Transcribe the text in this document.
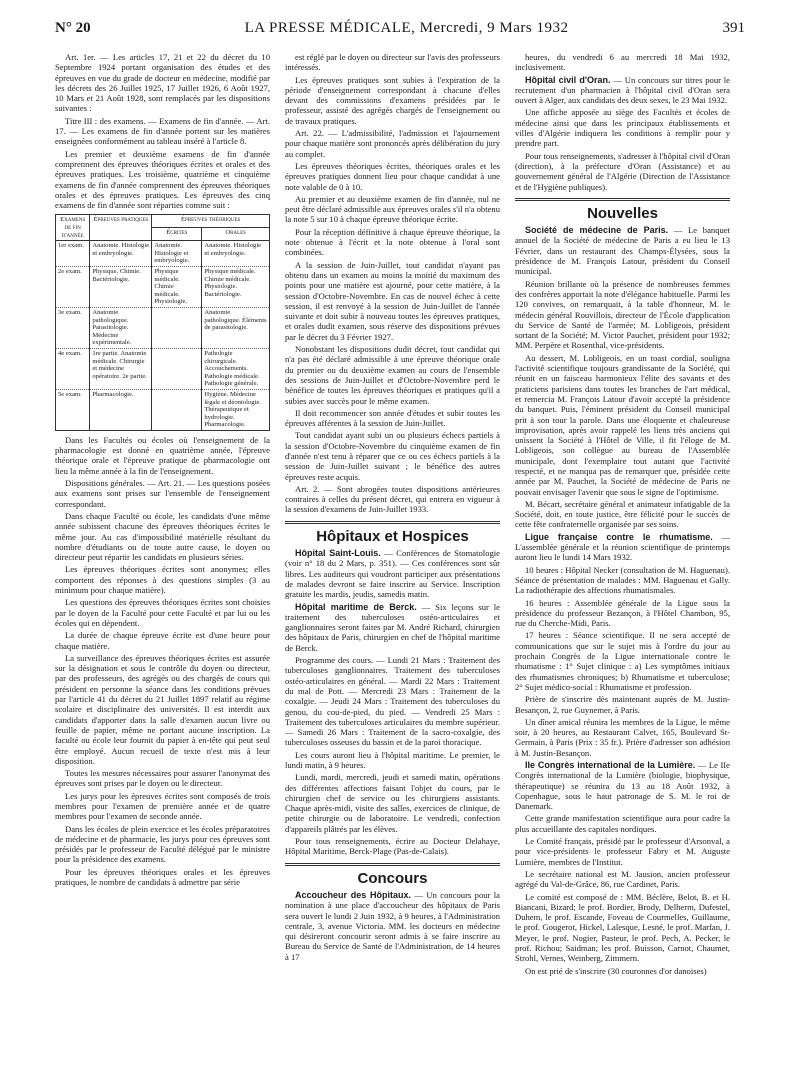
N° 20	LA PRESSE MÉDICALE, Mercredi, 9 Mars 1932	391

Art. 1er. — Les articles 17, 21 et 22 du décret du 10 Septembre 1924 portant organisation des études et des épreuves en vue du grade de docteur en médecine, modifié par les décrets des 26 Juillet 1925, 17 Juillet 1926, 6 Août 1927, 10 Mars et 21 Août 1928, sont remplacés par les dispositions suivantes :

Titre III : des examens. — Examens de fin d'année. — Art. 17. — Les examens de fin d'année portent sur les matières enseignées conformément au tableau inséré à l'article 8.

Les premier et deuxième examens de fin d'année comprennent des épreuves théoriques écrites et orales et des épreuves pratiques. Les troisième, quatrième et cinquième examens de fin d'année comprennent des épreuves théoriques orales et des épreuves pratiques. Les épreuves des cinq examens de fin d'année sont réparties comme suit :

Examens de fin d'année	Épreuves pratiques	Épreuves théoriques	
		Écrites	Orales
1er exam.	Anatomie. Histologie et embryologie.	Anatomie. Histologie et embryologie.	Anatomie. Histologie et embryologie.
2e exam.	Physique. Chimie. Bactériologie.	Physique médicale. Chimie médicale. Physiologie.	Physique médicale. Chimie médicale. Physiologie. Bactériologie.
3e exam.	Anatomie pathologique. Parasitologie. Médecine expérimentale.		Anatomie pathologique. Éléments de parasitologie.
4e exam.	1re partie. Anatomie médicale. Chirurgie et médecine opératoire. 2e partie.		Pathologie chirurgicale. Accouchements. Pathologie médicale. Pathologie générale.
5e exam.	Pharmacologie.		Hygiène. Médecine légale et déontologie. Thérapeutique et hydrologie. Pharmacologie.

Dans les Facultés ou écoles où l'enseignement de la pharmacologie est donné en quatrième année, l'épreuve théorique orale et l'épreuve pratique de pharmacologie ont lieu la même année à la fin de l'enseignement.

Dispositions générales. — Art. 21. — Les questions posées aux examens sont prises sur l'ensemble de l'enseignement correspondant.

Dans chaque Faculté ou école, les candidats d'une même année subissent chacune des épreuves théoriques écrites le même jour. Au cas d'impossibilité matérielle résultant du nombre d'étudiants ou de toute autre cause, le doyen ou directeur peut répartir les candidats en plusieurs séries.

Les épreuves théoriques écrites sont anonymes; elles comportent des réponses à des questions simples (3 au minimum pour chaque matière).

Les questions des épreuves théoriques écrites sont choisies par le doyen de la Faculté pour cette Faculté et par lui ou les écoles qui en dépendent.

La durée de chaque épreuve écrite est d'une heure pour chaque matière.

La surveillance des épreuves théoriques écrites est assurée sur la désignation et sous le contrôle du doyen ou directeur, par des professeurs, des agrégés ou des chargés de cours qui président en personne la séance dans les conditions prévues par l'article 41 du décret du 21 Juillet 1897 relatif au régime scolaire et disciplinaire des universités. Il est interdit aux candidats d'apporter dans la salle d'examen aucun livre ou feuille de papier, même ne portant aucune inscription. La faculté ou école leur fournit du papier à en-tête qui peut seul être employé. Aucun recueil de texte n'est mis à leur disposition.

Toutes les mesures nécessaires pour assurer l'anonymat des épreuves sont prises par le doyen ou le directeur.

Les jurys pour les épreuves écrites sont composés de trois membres pour l'examen de première année et de quatre membres pour l'examen de seconde année.

Dans les écoles de plein exercice et les écoles préparatoires de médecine et de pharmacie, les jurys pour ces épreuves sont présidés par le professeur de Faculté délégué par le ministre pour la présidence des examens.

Pour les épreuves théoriques orales et les épreuves pratiques, le nombre de candidats à admettre par série

est réglé par le doyen ou directeur sur l'avis des professeurs intéressés.

Les épreuves pratiques sont subies à l'expiration de la période d'enseignement correspondant à chacune d'elles devant des commissions d'examens présidées par le professeur, assisté des agrégés chargés de l'enseignement ou de travaux pratiques.

Art. 22. — L'admissibilité, l'admission et l'ajournement pour chaque matière sont prononcés après délibération du jury au complet.

Les épreuves théoriques écrites, théoriques orales et les épreuves pratiques donnent lieu pour chaque candidat à une note valable de 0 à 10.

Au premier et au deuxième examen de fin d'année, nul ne peut être déclaré admissible aux épreuves orales s'il n'a obtenu la note 5 sur 10 à chaque épreuve théorique écrite.

Pour la réception définitive à chaque épreuve théorique, la note obtenue à l'écrit et la note obtenue à l'oral sont combinées.

A la session de Juin-Juillet, tout candidat n'ayant pas obtenu dans un examen au moins la moitié du maximum des points pour une matière est ajourné, pour cette matière, à la session d'Octobre-Novembre. En cas de nouvel échec à cette session, il est renvoyé à la session de Juin-Juillet de l'année suivante et doit subir à nouveau toutes les épreuves pratiques, et orales dudit examen, sous réserve des dispositions prévues par le décret du 3 Février 1927.

Nonobstant les dispositions dudit décret, tout candidat qui n'a pas été déclaré admissible à une épreuve théorique orale du premier ou du deuxième examen au cours de l'ensemble des sessions de Juin-Juillet et d'Octobre-Novembre perd le bénéfice de toutes les épreuves théoriques et pratiques qu'il a subies avec succès pour le même examen.

Il doit recommencer son année d'études et subir toutes les épreuves afférentes à la session de Juin-Juillet.

Tout candidat ayant subi un ou plusieurs échecs partiels à la session d'Octobre-Novembre du cinquième examen de fin d'année n'est tenu à réparer que ce ou ces échecs partiels à la session de Juin-Juillet suivant ; le bénéfice des autres épreuves reste acquis.

Art. 2. — Sont abrogées toutes dispositions antérieures contraires à celles du présent décret, qui entrera en vigueur à la session d'examens de Juin-Juillet 1933.

Hôpitaux et Hospices

Hôpital Saint-Louis. — Conférences de Stomatologie (voir n° 18 du 2 Mars, p. 351). — Ces conférences sont sûr libres. Les auditeurs qui voudront participer aux présentations de malades devront se faire inscrire au Service. Inscription gratuite les mardis, jeudis, samedis matin.

Hôpital maritime de Berck. — Six leçons sur le traitement des tuberculoses ostéo-articulaires et ganglionnaires seront faites par M. André Richard, chirurgien des hôpitaux de Paris, chirurgien en chef de l'hôpital maritime de Berck.

Programme des cours. — Lundi 21 Mars : Traitement des tuberculoses ganglionnaires. Traitement des tuberculoses ostéo-articulaires en général. — Mardi 22 Mars : Traitement du mal de Pott. — Mercredi 23 Mars : Traitement de la coxalgie. — Jeudi 24 Mars : Traitement des tuberculoses du genou, du cou-de-pied, du pied. — Vendredi 25 Mars : Traitement des tuberculoses articulaires du membre supérieur. — Samedi 26 Mars : Traitement de la sacro-coxalgie, des tuberculoses osseuses du bassin et de la paroi thoracique.

Les cours auront lieu à l'hôpital maritime. Le premier, le lundi matin, à 9 heures.

Lundi, mardi, mercredi, jeudi et samedi matin, opérations des différentes affections faisant l'objet du cours, par le chirurgien chef de service ou les chirurgiens assistants. Chaque après-midi, visite des salles, exercices de clinique, de petite chirurgie ou de laboratoire. Le vendredi, confection d'appareils plâtrés par les élèves.

Pour tous renseignements, écrire au Docteur Delahaye, Hôpital Maritime, Berck-Plage (Pas-de-Calais).

Concours

Accoucheur des Hôpitaux. — Un concours pour la nomination à une place d'accoucheur des hôpitaux de Paris sera ouvert le lundi 2 Juin 1932, à 9 heures, à l'Administration centrale, 3, avenue Victoria. MM. les docteurs en médecine qui désireront concourir seront admis à se faire inscrire au Bureau du Service de Santé de l'Administration, de 14 heures à 17

heures, du vendredi 6 au mercredi 18 Mai 1932, inclusivement.

Hôpital civil d'Oran. — Un concours sur titres pour le recrutement d'un pharmacien à l'hôpital civil d'Oran sera ouvert à Alger, aux candidats des deux sexes, le 23 Mai 1932.

Une affiche apposée au siège des Facultés et écoles de médecine ainsi que dans les principaux établissements et villes d'Algérie indiquera les conditions à remplir pour y prendre part.

Pour tous renseignements, s'adresser à l'hôpital civil d'Oran (direction), à la préfecture d'Oran (Assistance) et au gouvernement général de l'Algérie (Direction de l'Assistance et de l'Hygiène publiques).

Nouvelles

Société de médecine de Paris. — Le banquet annuel de la Société de médecine de Paris a eu lieu le 13 Février, dans un restaurant des Champs-Élysées, sous la présidence de M. François Latour, président du Conseil municipal.

Réunion brillante où la présence de nombreuses femmes des confrères apportait la note d'élégance habituelle. Parmi les 120 convives, on remarquait, à la table d'honneur, M. le médecin général Rouvillois, directeur de l'École d'application du Service de Santé de l'armée; M. Lobligeois, président sortant de la Société; M. Victor Pauchet, président pour 1932; MM. Perpère et Rosenthal, vice-présidents.

Au dessert, M. Lobligeois, en un toast cordial, souligna l'activité scientifique toujours grandissante de la Société, qui réunit en un faisceau harmonieux l'élite des savants et des praticiens parisiens dans toutes les branches de l'art médical, et remercia M. François Latour d'avoir accepté la présidence du banquet. Puis, l'éminent président du Conseil municipal prit à son tour la parole. Dans une éloquente et chaleureuse improvisation, après avoir rappelé les liens très anciens qui unissent la Société à l'Hôtel de Ville, il fit l'éloge de M. Lobligeois, son collègue au bureau de l'Assemblée municipale, dont l'exemplaire tout autant que l'activité respecté, et ne manqua pas de remarquer que, présidée cette année par M. Pauchet, la Société de médecine de Paris ne pouvait envisager l'avenir que sous le signe de l'optimisme.

M. Bécart, secrétaire général et animateur infatigable de la Société, doit, en toute justice, être félicité pour le succès de cette fête confraternelle organisée par ses soins.

Ligue française contre le rhumatisme. — L'assemblée générale et la réunion scientifique de printemps auront lieu le lundi 14 Mars 1932.

10 heures : Hôpital Necker (consultation de M. Haguenau). Séance de présentation de malades : MM. Haguenau et Gally. La radiothérapie des affections rhumatismales.

16 heures : Assemblée générale de la Ligue sous la présidence du professeur Bezançon, à l'Hôtel Chambon, 95, rue du Cherche-Midi, Paris.

17 heures : Séance scientifique. Il ne sera accepté de communications que sur le sujet mis à l'ordre du jour au prochain Congrès de la Ligue internationale contre le rhumatisme : 1° Sujet clinique : a) Les symptômes initiaux des rhumatismes chroniques; b) Rhumatisme et tuberculose; 2° Sujet médico-social : Rhumatisme et profession.

Prière de s'inscrire dès maintenant auprès de M. Justin-Besançon, 2, rue Guynemer, à Paris.

Un dîner amical réunira les membres de la Ligue, le même soir, à 20 heures, au Restaurant Calvet, 165, Boulevard St-Germain, à Paris (Prix : 35 fr.). Prière d'adresser son adhésion à M. Justin-Besançon.

IIe Congrès international de la Lumière. — Le IIe Congrès international de la Lumière (biologie, biophysique, thérapeutique) se réunira du 13 au 18 Août 1932, à Copenhague, sous le haut patronage de S. M. le roi de Danemark.

Cette grande manifestation scientifique aura pour cadre la plus accueillante des capitales nordiques.

Le Comité français, présidé par le professeur d'Arsonval, a pour vice-présidents le professeur Fabry et M. Auguste Lumière, membres de l'Institut.

Le secrétaire national est M. Jausion, ancien professeur agrégé du Val-de-Grâce, 86, rue Cardinet, Paris.

Le comité est composé de : MM. Béclère, Belot, B. et H. Biancani, Bizard; le prof. Bordier, Brody, Delherm, Dufestel, Duhem, le prof. Escande, Foveau de Courmelles, Guillaume, le prof. Gougerot, Hickel, Lalesque, Lesné, le prof. Marfan, J. Meyer, le prof. Nogier, Pasteur, le prof. Pech, A. Pecker, le prof. Richou; Saidman; les prof. Buisson, Carnot, Chaumet, Strohl, Vernes, Weinberg, Zimmern.

On est prié de s'inscrire (30 couronnes d'or danoises)
